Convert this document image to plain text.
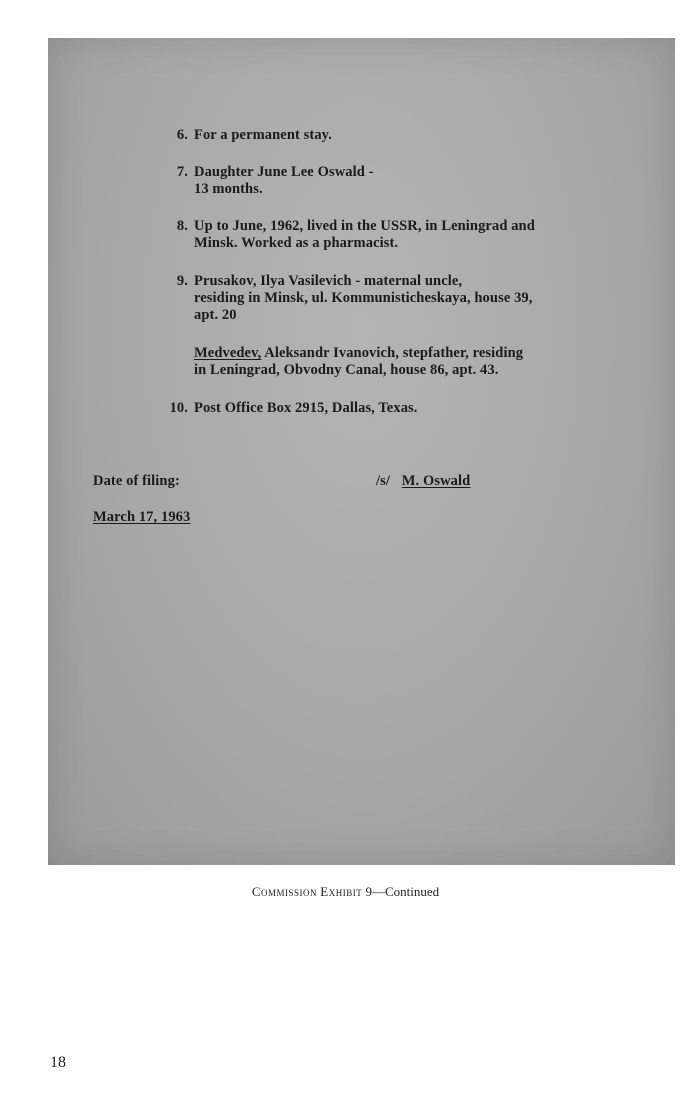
6. For a permanent stay.
7. Daughter June Lee Oswald -
13 months.
8. Up to June, 1962, lived in the USSR, in Leningrad and
Minsk. Worked as a pharmacist.
9. Prusakov, Ilya Vasilevich - maternal uncle,
residing in Minsk, ul. Kommunisticheskaya, house 39,
apt. 20
Medvedev, Aleksandr Ivanovich, stepfather, residing
in Leningrad, Obvodny Canal, house 86, apt. 43.
10. Post Office Box 2915, Dallas, Texas.
Date of filing:
March 17, 1963
/s/ M. Oswald
Commission Exhibit 9—Continued
18
